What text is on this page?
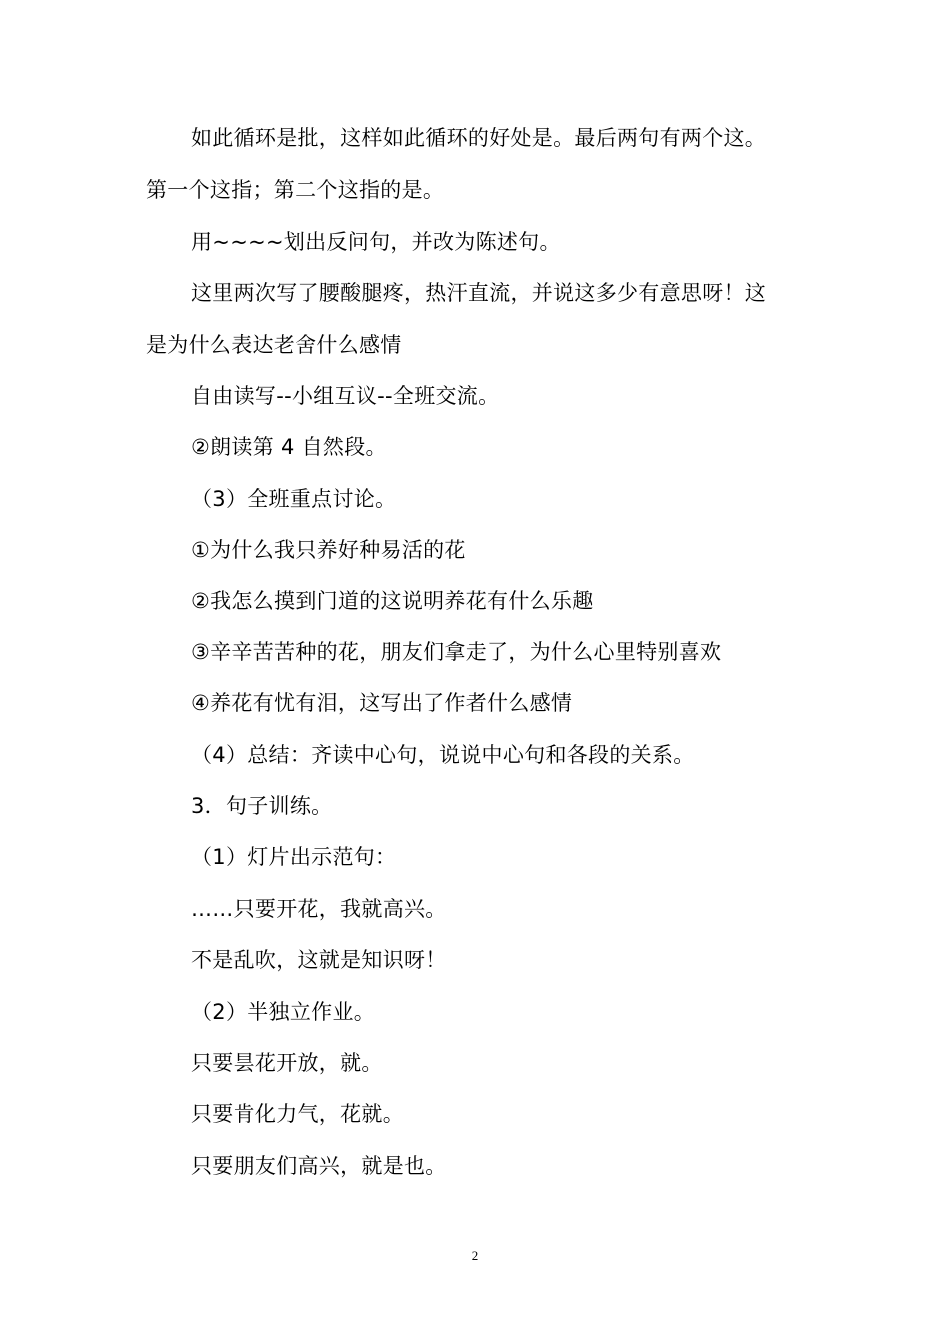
如此循环是批，这样如此循环的好处是。最后两句有两个这。
第一个这指；第二个这指的是。
用~~~~划出反问句，并改为陈述句。
这里两次写了腰酸腿疼，热汗直流，并说这多少有意思呀！这
是为什么表达老舍什么感情
自由读写--小组互议--全班交流。
②朗读第 4 自然段。
（3）全班重点讨论。
①为什么我只养好种易活的花
②我怎么摸到门道的这说明养花有什么乐趣
③辛辛苦苦种的花，朋友们拿走了，为什么心里特别喜欢
④养花有忧有泪，这写出了作者什么感情
（4）总结：齐读中心句，说说中心句和各段的关系。
3．句子训练。
（1）灯片出示范句：
……只要开花，我就高兴。
不是乱吹，这就是知识呀！
（2）半独立作业。
只要昙花开放，就。
只要肯化力气，花就。
只要朋友们高兴，就是也。
2
